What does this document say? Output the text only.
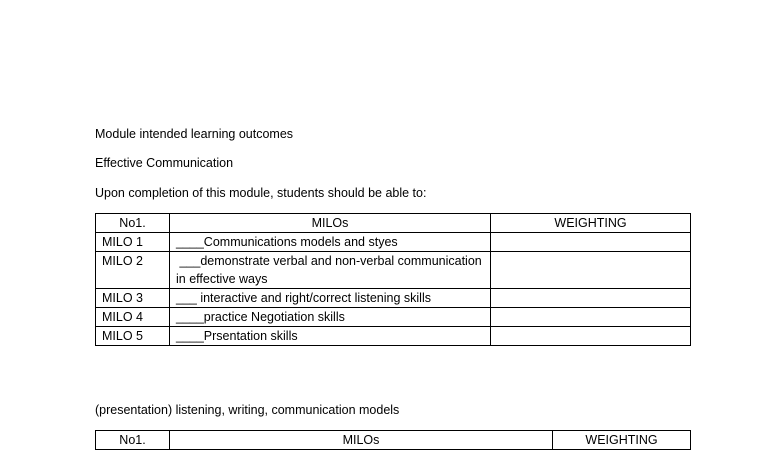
Module intended learning outcomes
Effective Communication
Upon completion of this module, students should be able to:
No1.	MILOs	WEIGHTING
MILO 1	____Communications models and styes	
MILO 2	___demonstrate verbal and non-verbal communication in effective ways	
MILO 3	___ interactive and right/correct listening skills	
MILO 4	____practice Negotiation skills	
MILO 5	____Prsentation skills	
(presentation) listening, writing, communication models
No1.	MILOs	WEIGHTING
